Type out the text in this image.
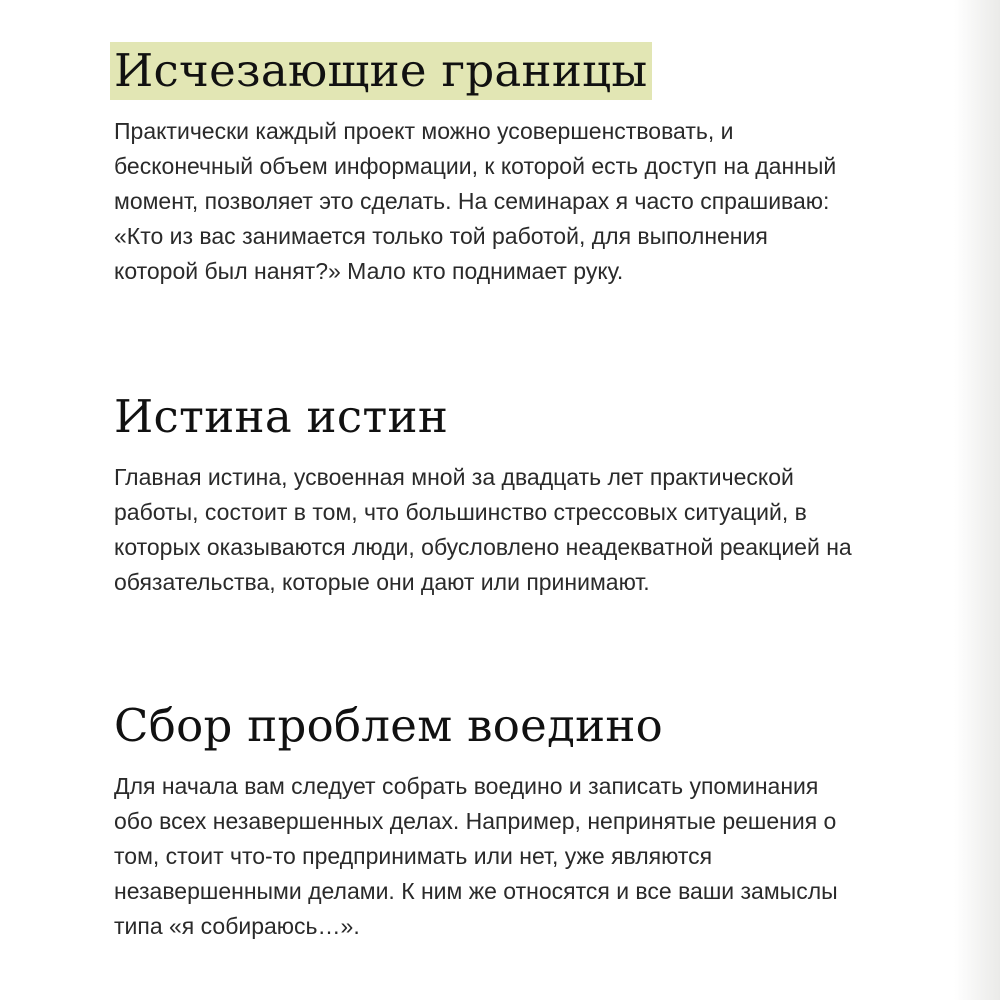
Исчезающие границы

Практически каждый проект можно усовершенствовать, и
бесконечный объем информации, к которой есть доступ на данный
момент, позволяет это сделать. На семинарах я часто спрашиваю:
«Кто из вас занимается только той работой, для выполнения
которой был нанят?» Мало кто поднимает руку.

Истина истин

Главная истина, усвоенная мной за двадцать лет практической
работы, состоит в том, что большинство стрессовых ситуаций, в
которых оказываются люди, обусловлено неадекватной реакцией на
обязательства, которые они дают или принимают.

Сбор проблем воедино

Для начала вам следует собрать воедино и записать упоминания
обо всех незавершенных делах. Например, непринятые решения о
том, стоит что-то предпринимать или нет, уже являются
незавершенными делами. К ним же относятся и все ваши замыслы
типа «я собираюсь…».
